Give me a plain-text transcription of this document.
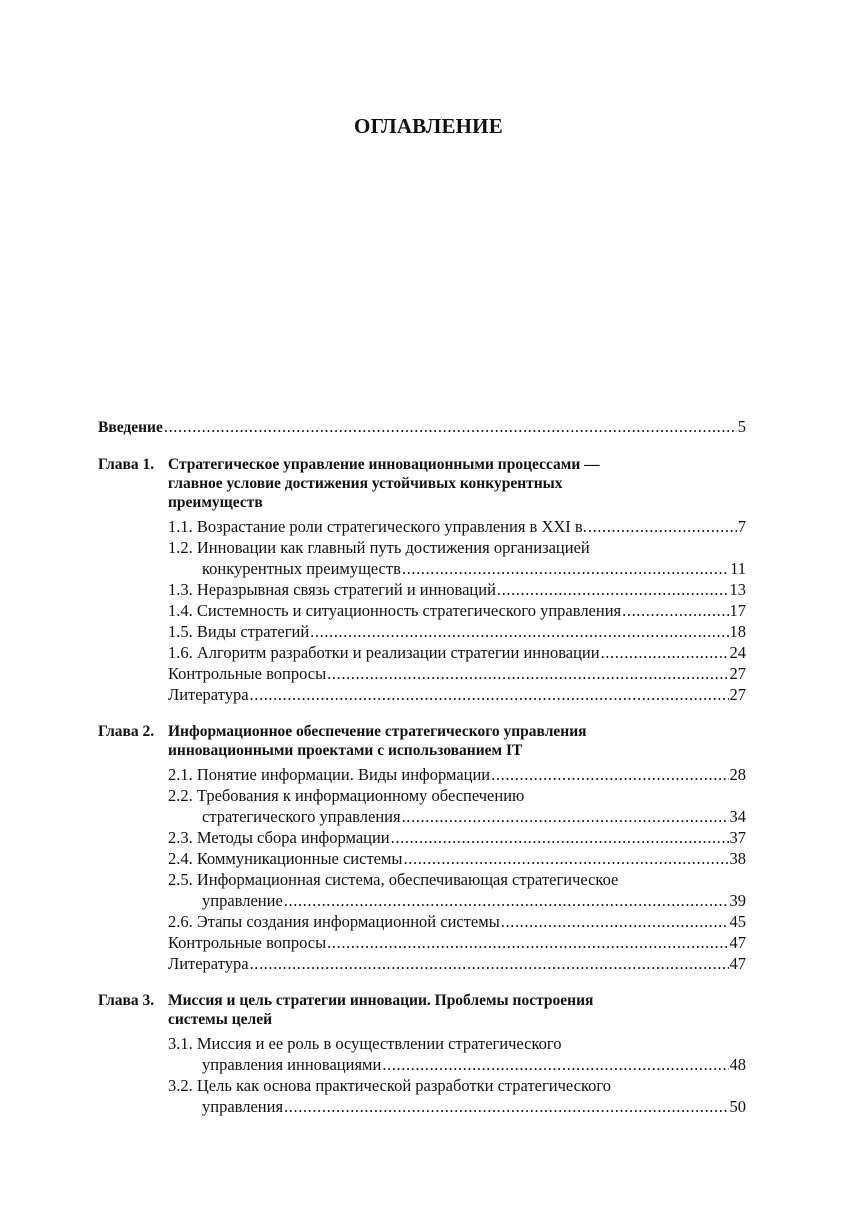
ОГЛАВЛЕНИЕ
Введение .....	5
Глава 1. Стратегическое управление инновационными процессами —
главное условие достижения устойчивых конкурентных
преимуществ
1.1. Возрастание роли стратегического управления в XXI в. .....	7
1.2. Инновации как главный путь достижения организацией
конкурентных преимуществ .....	11
1.3. Неразрывная связь стратегий и инноваций .....	13
1.4. Системность и ситуационность стратегического управления .....	17
1.5. Виды стратегий .....	18
1.6. Алгоритм разработки и реализации стратегии инновации .....	24
Контрольные вопросы .....	27
Литература .....	27
Глава 2. Информационное обеспечение стратегического управления
инновационными проектами с использованием IT
2.1. Понятие информации. Виды информации .....	28
2.2. Требования к информационному обеспечению
стратегического управления .....	34
2.3. Методы сбора информации .....	37
2.4. Коммуникационные системы .....	38
2.5. Информационная система, обеспечивающая стратегическое
управление .....	39
2.6. Этапы создания информационной системы .....	45
Контрольные вопросы .....	47
Литература .....	47
Глава 3. Миссия и цель стратегии инновации. Проблемы построения
системы целей
3.1. Миссия и ее роль в осуществлении стратегического
управления инновациями .....	48
3.2. Цель как основа практической разработки стратегического
управления .....	50
